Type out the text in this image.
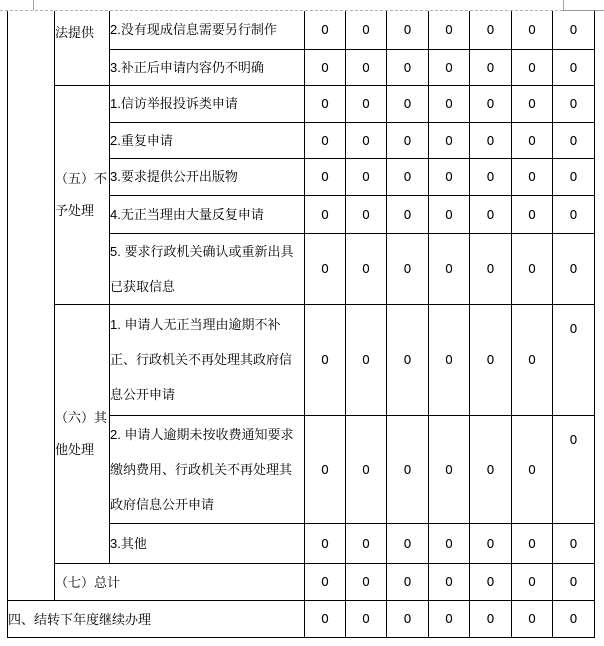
	法提供	2.没有现成信息需要另行制作	0	0	0	0	0	0	0
		3.补正后申请内容仍不明确	0	0	0	0	0	0	0
	（五）不予处理	1.信访举报投诉类申请	0	0	0	0	0	0	0
		2.重复申请	0	0	0	0	0	0	0
		3.要求提供公开出版物	0	0	0	0	0	0	0
		4.无正当理由大量反复申请	0	0	0	0	0	0	0
		5. 要求行政机关确认或重新出具已获取信息	0	0	0	0	0	0	0
	（六）其他处理	1. 申请人无正当理由逾期不补正、行政机关不再处理其政府信息公开申请	0	0	0	0	0	0	0
		2. 申请人逾期未按收费通知要求缴纳费用、行政机关不再处理其政府信息公开申请	0	0	0	0	0	0	0
		3.其他	0	0	0	0	0	0	0
	（七）总计		0	0	0	0	0	0	0
四、结转下年度继续办理			0	0	0	0	0	0	0
